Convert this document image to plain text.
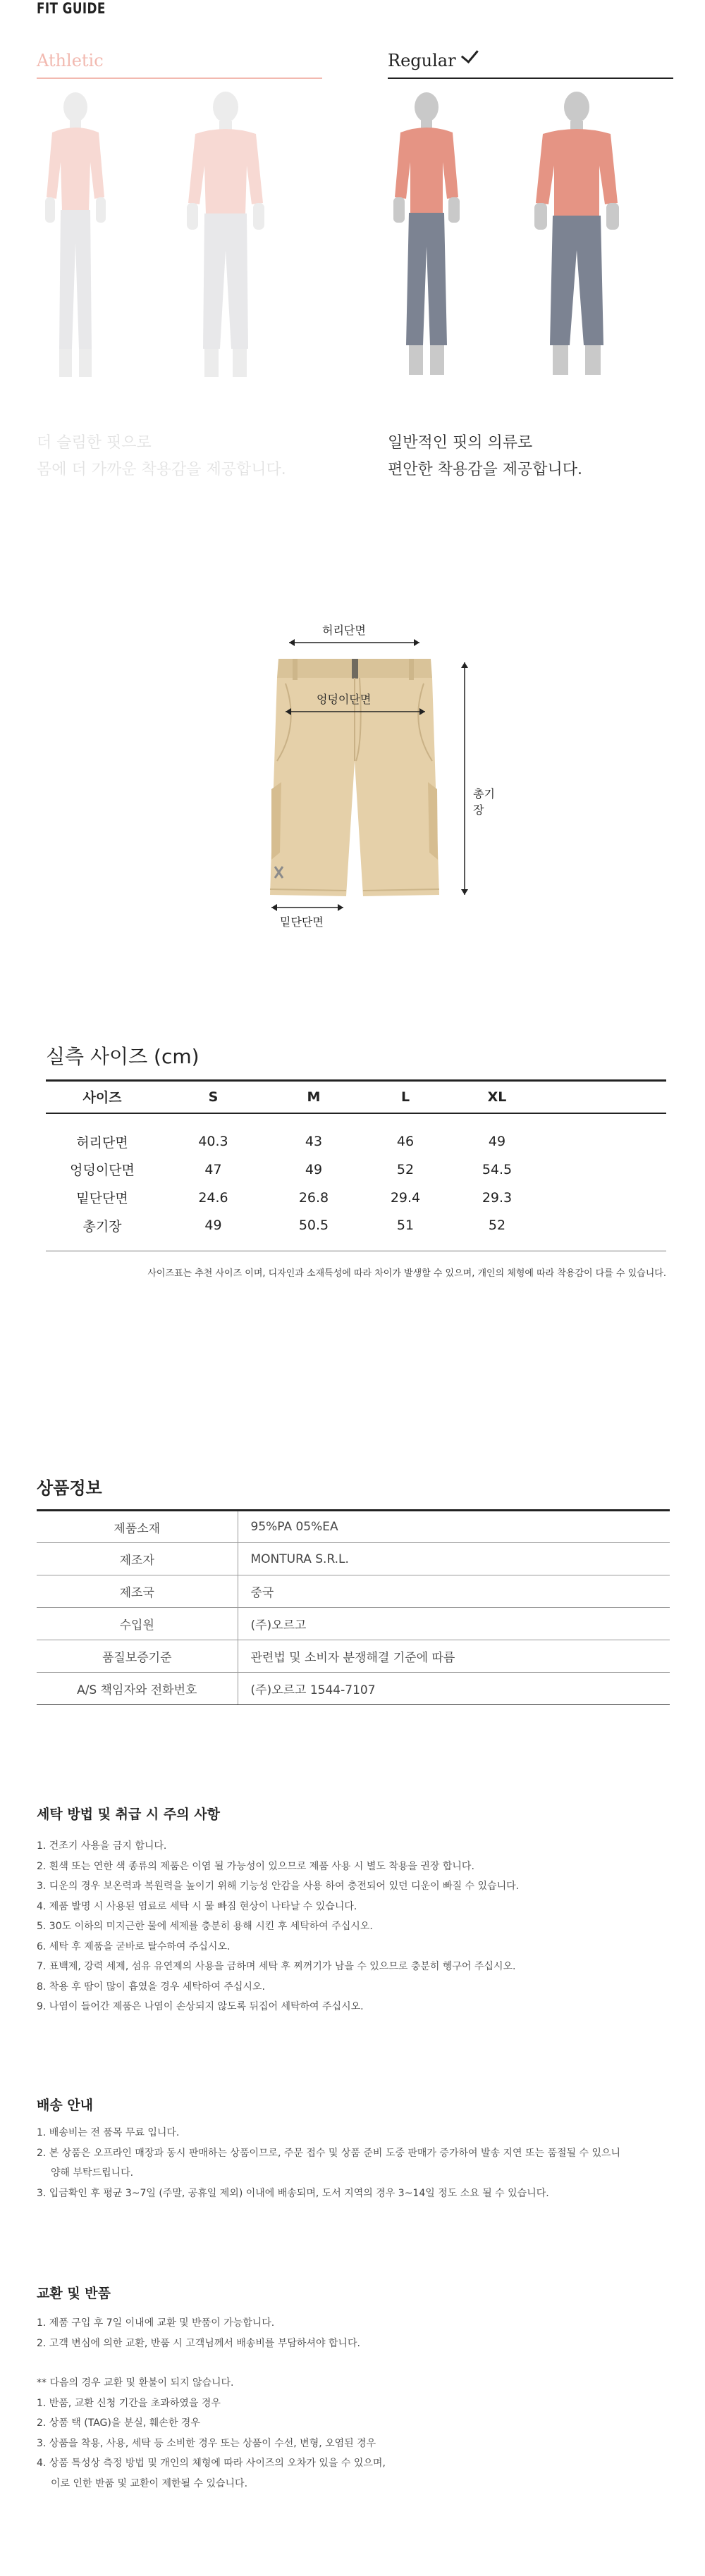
FIT GUIDE
Athletic	Regular
더 슬림한 핏으로
몸에 더 가까운 착용감을 제공합니다.
일반적인 핏의 의류로
편안한 착용감을 제공합니다.
허리단면
엉덩이단면
밑단단면
총기장
실측 사이즈 (cm)
사이즈	S	M	L	XL	
허리단면	40.3	43	46	49	
엉덩이단면	47	49	52	54.5	
밑단단면	24.6	26.8	29.4	29.3	
총기장	49	50.5	51	52	
사이즈표는 추천 사이즈 이며, 디자인과 소재특성에 따라 차이가 발생할 수 있으며, 개인의 체형에 따라 착용감이 다를 수 있습니다.
상품정보
제품소재	95%PA 05%EA
제조자	MONTURA S.R.L.
제조국	중국
수입원	(주)오르고
품질보증기준	관련법 및 소비자 분쟁해결 기준에 따름
A/S 책임자와 전화번호	(주)오르고 1544-7107
세탁 방법 및 취급 시 주의 사항
1. 건조기 사용을 금지 합니다.
2. 흰색 또는 연한 색 종류의 제품은 이염 될 가능성이 있으므로 제품 사용 시 별도 착용을 권장 합니다.
3. 디운의 경우 보온력과 복원력을 높이기 위해 기능성 안감을 사용 하여 충전되어 있던 디운이 빠질 수 있습니다.
4. 제품 발명 시 사용된 염료로 세탁 시 물 빠짐 현상이 나타날 수 있습니다.
5. 30도 이하의 미지근한 물에 세제를 충분히 용해 시킨 후 세탁하여 주십시오.
6. 세탁 후 제품을 굳바로 탈수하여 주십시오.
7. 표백제, 강력 세제, 섬유 유연제의 사용을 금하며 세탁 후 찌꺼기가 남을 수 있으므로 충분히 헹구어 주십시오.
8. 착용 후 땀이 많이 흡였을 경우 세탁하여 주십시오.
9. 나염이 들어간 제품은 나염이 손상되지 않도록 뒤집어 세탁하여 주십시오.
배송 안내
1. 배송비는 전 품목 무료 입니다.
2. 본 상품은 오프라인 매장과 동시 판매하는 상품이므로, 주문 접수 및 상품 준비 도중 판매가 증가하여 발송 지연 또는 품절될 수 있으니
양해 부탁드립니다.
3. 입금확인 후 평균 3~7일 (주말, 공휴일 제외) 이내에 배송되며, 도서 지역의 경우 3~14일 정도 소요 될 수 있습니다.
교환 및 반품
1. 제품 구입 후 7일 이내에 교환 및 반품이 가능합니다.
2. 고객 변심에 의한 교환, 반품 시 고객님께서 배송비를 부담하셔야 합니다.
** 다음의 경우 교환 및 환불이 되지 않습니다.
1. 반품, 교환 신청 기간을 초과하였을 경우
2. 상품 택 (TAG)을 분실, 훼손한 경우
3. 상품을 착용, 사용, 세탁 등 소비한 경우 또는 상품이 수선, 변형, 오염된 경우
4. 상품 특성상 측정 방법 및 개인의 체형에 따라 사이즈의 오차가 있을 수 있으며,
이로 인한 반품 및 교환이 제한될 수 있습니다.
